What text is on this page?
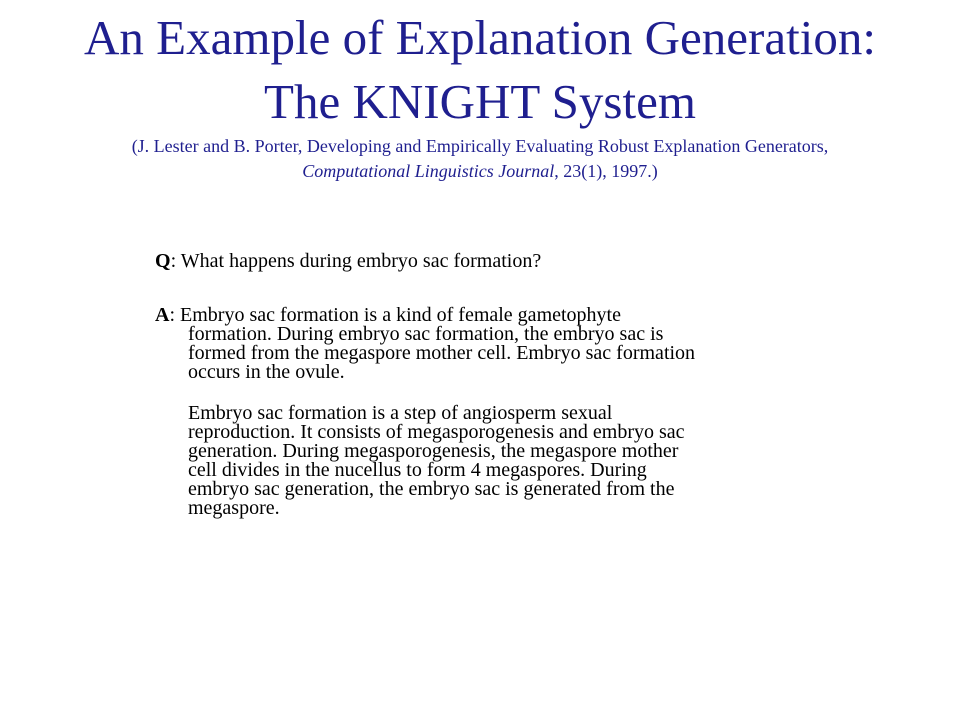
An Example of Explanation Generation:
The KNIGHT System
(J. Lester and B. Porter, Developing and Empirically Evaluating Robust Explanation Generators,
Computational Linguistics Journal, 23(1), 1997.)
Q: What happens during embryo sac formation?
A: Embryo sac formation is a kind of female gametophyte
formation. During embryo sac formation, the embryo sac is
formed from the megaspore mother cell. Embryo sac formation
occurs in the ovule.
Embryo sac formation is a step of angiosperm sexual
reproduction. It consists of megasporogenesis and embryo sac
generation. During megasporogenesis, the megaspore mother
cell divides in the nucellus to form 4 megaspores. During
embryo sac generation, the embryo sac is generated from the
megaspore.
